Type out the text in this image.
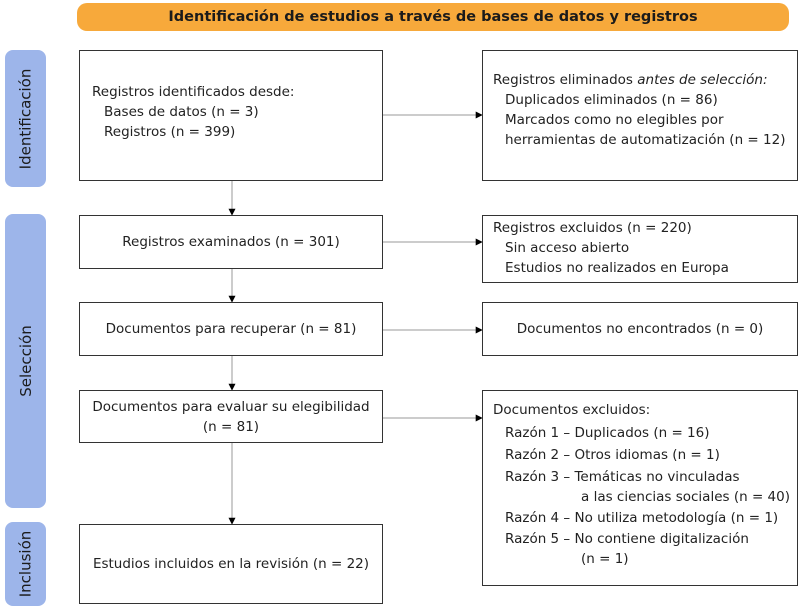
Identificación de estudios a través de bases de datos y registros
Identificación
Selección
Inclusión
Registros identificados desde:
Bases de datos (n = 3)
Registros (n = 399)
Registros eliminados antes de selección:
Duplicados eliminados (n = 86)
Marcados como no elegibles por
herramientas de automatización (n = 12)
Registros examinados (n = 301)
Registros excluidos (n = 220)
Sin acceso abierto
Estudios no realizados en Europa
Documentos para recuperar (n = 81)	Documentos no encontrados (n = 0)
Documentos para evaluar su elegibilidad
(n = 81)
Documentos excluidos:
Razón 1 – Duplicados (n = 16)
Razón 2 – Otros idiomas (n = 1)
Razón 3 – Temáticas no vinculadas
a las ciencias sociales (n = 40)
Razón 4 – No utiliza metodología (n = 1)
Razón 5 – No contiene digitalización
(n = 1)
Estudios incluidos en la revisión (n = 22)
